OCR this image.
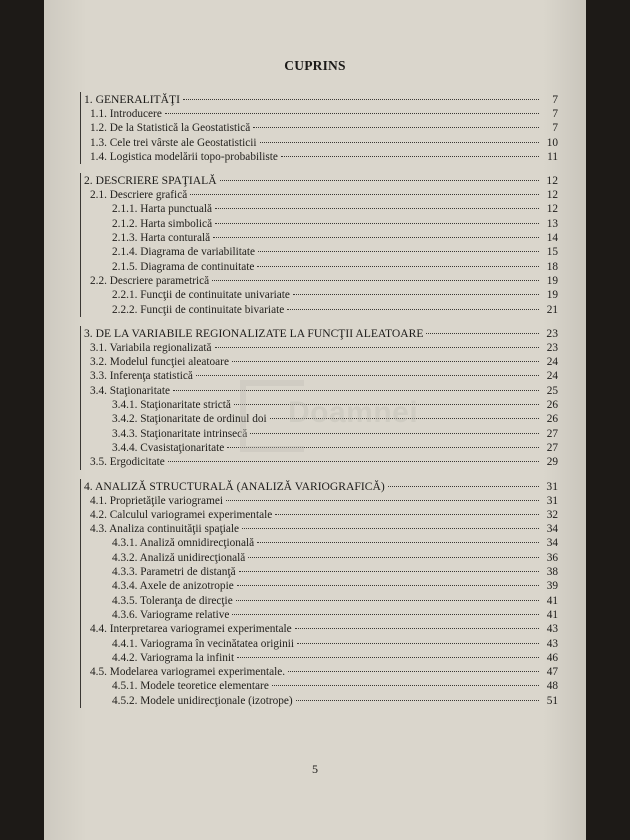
CUPRINS
1. GENERALITĂŢI	7
1.1. Introducere	7
1.2. De la Statistică la Geostatistică	7
1.3. Cele trei vârste ale Geostatisticii	10
1.4. Logistica modelării topo-probabiliste	11
2. DESCRIERE SPAŢIALĂ	12
2.1. Descriere grafică	12
2.1.1. Harta punctuală	12
2.1.2. Harta simbolică	13
2.1.3. Harta conturală	14
2.1.4. Diagrama de variabilitate	15
2.1.5. Diagrama de continuitate	18
2.2. Descriere parametrică	19
2.2.1. Funcţii de continuitate univariate	19
2.2.2. Funcţii de continuitate bivariate	21
3. DE LA VARIABILE REGIONALIZATE LA FUNCŢII ALEATOARE	23
3.1. Variabila regionalizată	23
3.2. Modelul funcţiei aleatoare	24
3.3. Inferenţa statistică	24
3.4. Staţionaritate	25
3.4.1. Staţionaritate strictă	26
3.4.2. Staţionaritate de ordinul doi	26
3.4.3. Staţionaritate intrinsecă	27
3.4.4. Cvasistaţionaritate	27
3.5. Ergodicitate	29
4. ANALIZĂ STRUCTURALĂ (ANALIZĂ VARIOGRAFICĂ)	31
4.1. Proprietăţile variogramei	31
4.2. Calculul variogramei experimentale	32
4.3. Analiza continuităţii spaţiale	34
4.3.1. Analiză omnidirecţională	34
4.3.2. Analiză unidirecţională	36
4.3.3. Parametri de distanţă	38
4.3.4. Axele de anizotropie	39
4.3.5. Toleranţa de direcţie	41
4.3.6. Variograme relative	41
4.4. Interpretarea variogramei experimentale	43
4.4.1. Variograma în vecinătatea originii	43
4.4.2. Variograma la infinit	46
4.5. Modelarea variogramei experimentale.	47
4.5.1. Modele teoretice elementare	48
4.5.2. Modele unidirecţionale (izotrope)	51
Doamnei
5
